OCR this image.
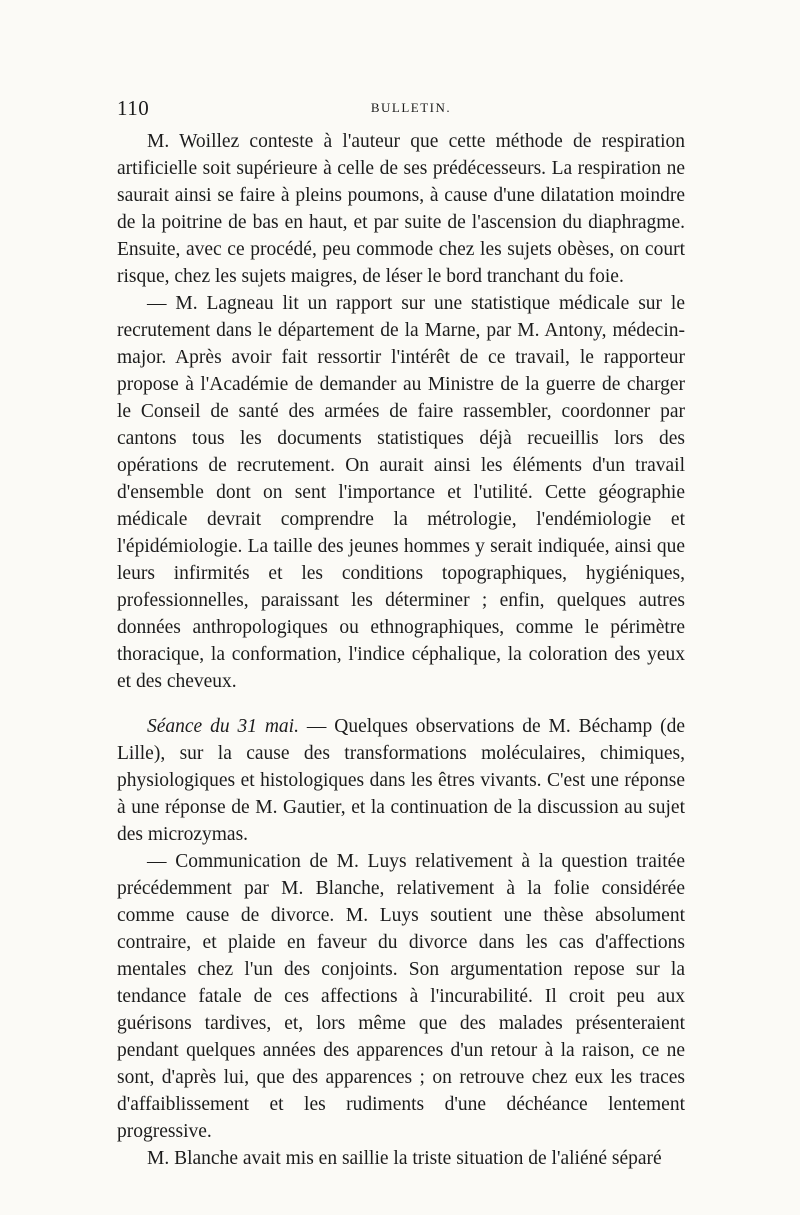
110	BULLETIN.

M. Woillez conteste à l'auteur que cette méthode de respiration artificielle soit supérieure à celle de ses prédécesseurs. La respiration ne saurait ainsi se faire à pleins poumons, à cause d'une dilatation moindre de la poitrine de bas en haut, et par suite de l'ascension du diaphragme. Ensuite, avec ce procédé, peu commode chez les sujets obèses, on court risque, chez les sujets maigres, de léser le bord tranchant du foie.

— M. Lagneau lit un rapport sur une statistique médicale sur le recrutement dans le département de la Marne, par M. Antony, médecin-major. Après avoir fait ressortir l'intérêt de ce travail, le rapporteur propose à l'Académie de demander au Ministre de la guerre de charger le Conseil de santé des armées de faire rassembler, coordonner par cantons tous les documents statistiques déjà recueillis lors des opérations de recrutement. On aurait ainsi les éléments d'un travail d'ensemble dont on sent l'importance et l'utilité. Cette géographie médicale devrait comprendre la métrologie, l'endémiologie et l'épidémiologie. La taille des jeunes hommes y serait indiquée, ainsi que leurs infirmités et les conditions topographiques, hygiéniques, professionnelles, paraissant les déterminer ; enfin, quelques autres données anthropologiques ou ethnographiques, comme le périmètre thoracique, la conformation, l'indice céphalique, la coloration des yeux et des cheveux.

Séance du 31 mai. — Quelques observations de M. Béchamp (de Lille), sur la cause des transformations moléculaires, chimiques, physiologiques et histologiques dans les êtres vivants. C'est une réponse à une réponse de M. Gautier, et la continuation de la discussion au sujet des microzymas.

— Communication de M. Luys relativement à la question traitée précédemment par M. Blanche, relativement à la folie considérée comme cause de divorce. M. Luys soutient une thèse absolument contraire, et plaide en faveur du divorce dans les cas d'affections mentales chez l'un des conjoints. Son argumentation repose sur la tendance fatale de ces affections à l'incurabilité. Il croit peu aux guérisons tardives, et, lors même que des malades présenteraient pendant quelques années des apparences d'un retour à la raison, ce ne sont, d'après lui, que des apparences ; on retrouve chez eux les traces d'affaiblissement et les rudiments d'une déchéance lentement progressive.

M. Blanche avait mis en saillie la triste situation de l'aliéné séparé
